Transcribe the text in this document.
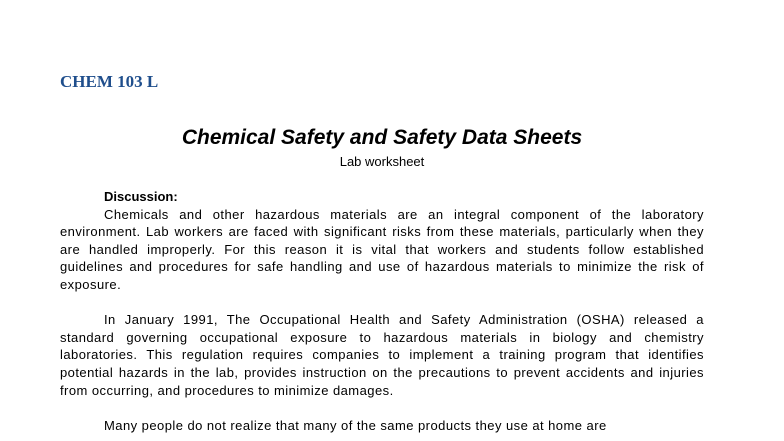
CHEM 103 L
Chemical Safety and Safety Data Sheets
Lab worksheet

Discussion:

Chemicals and other hazardous materials are an integral component of the laboratory environment. Lab workers are faced with significant risks from these materials, particularly when they are handled improperly. For this reason it is vital that workers and students follow established guidelines and procedures for safe handling and use of hazardous materials to minimize the risk of exposure.

In January 1991, The Occupational Health and Safety Administration (OSHA) released a standard governing occupational exposure to hazardous materials in biology and chemistry laboratories. This regulation requires companies to implement a training program that identifies potential hazards in the lab, provides instruction on the precautions to prevent accidents and injuries from occurring, and procedures to minimize damages.

Many people do not realize that many of the same products they use at home are
